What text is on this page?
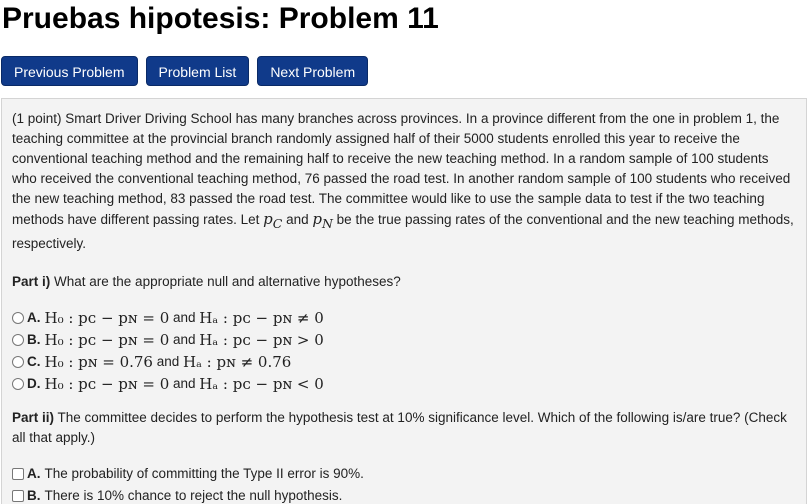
Pruebas hipotesis: Problem 11
Previous Problem	Problem List	Next Problem

(1 point) Smart Driver Driving School has many branches across provinces. In a province different from the one in problem 1, the teaching committee at the provincial branch randomly assigned half of their 5000 students enrolled this year to receive the conventional teaching method and the remaining half to receive the new teaching method. In a random sample of 100 students who received the conventional teaching method, 76 passed the road test. In another random sample of 100 students who received the new teaching method, 83 passed the road test. The committee would like to use the sample data to test if the two teaching methods have different passing rates. Let $p_C$ and $p_N$ be the true passing rates of the conventional and the new teaching methods, respectively.

Part i) What are the appropriate null and alternative hypotheses?

A. H₀ : pᴄ − pɴ = 0
and
Hₐ : pᴄ − pɴ ≠ 0
B. H₀ : pᴄ − pɴ = 0
and
Hₐ : pᴄ − pɴ > 0
C. H₀ : pɴ = 0.76
and
Hₐ : pɴ ≠ 0.76
D. H₀ : pᴄ − pɴ = 0
and
Hₐ : pᴄ − pɴ < 0

Part ii) The committee decides to perform the hypothesis test at 10% significance level. Which of the following is/are true? (Check all that apply.)

A. The probability of committing the Type II error is 90%.
B. There is 10% chance to reject the null hypothesis.
